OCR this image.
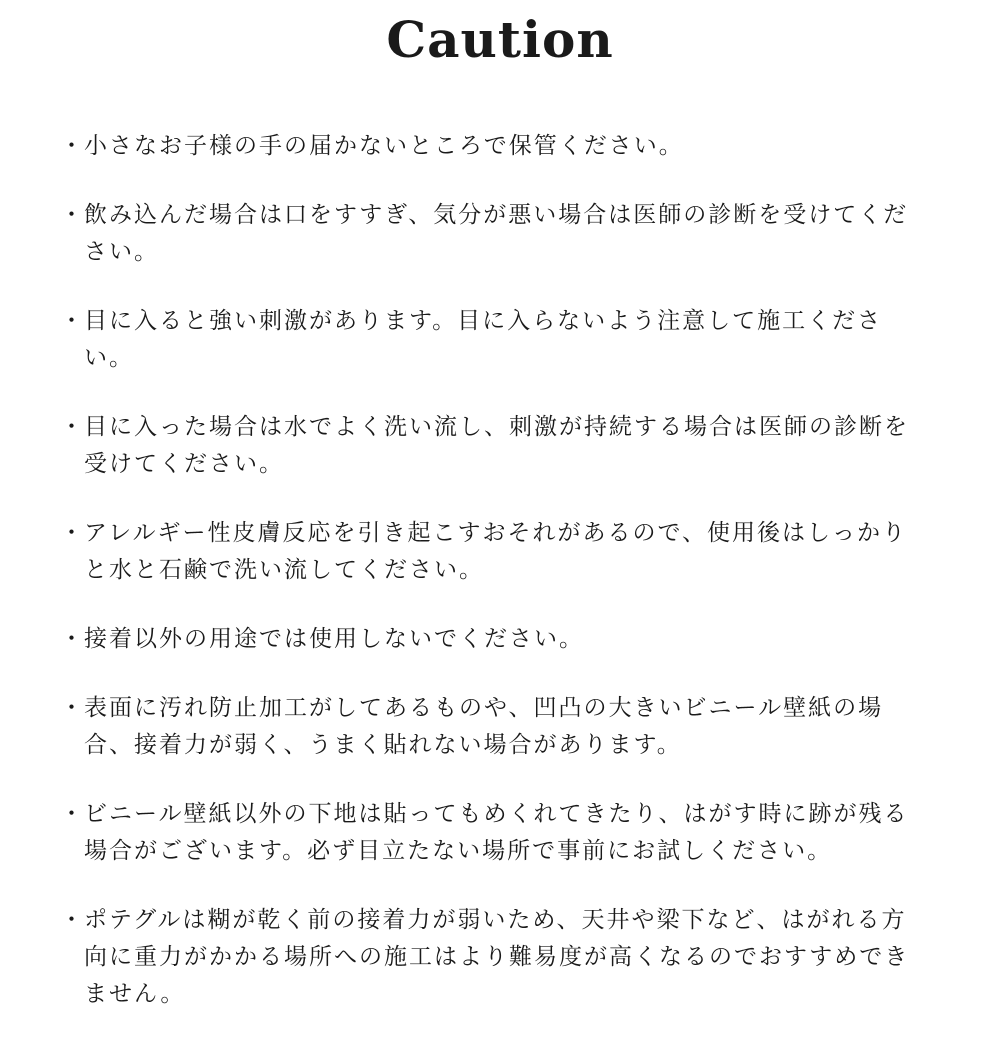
Caution
・ 小さなお子様の手の届かないところで保管ください。
・ 飲み込んだ場合は口をすすぎ、気分が悪い場合は医師の診断を受けてください。
・ 目に入ると強い刺激があります。目に入らないよう注意して施工ください。
・ 目に入った場合は水でよく洗い流し、刺激が持続する場合は医師の診断を受けてください。
・ アレルギー性皮膚反応を引き起こすおそれがあるので、使用後はしっかりと水と石鹸で洗い流してください。
・ 接着以外の用途では使用しないでください。
・ 表面に汚れ防止加工がしてあるものや、凹凸の大きいビニール壁紙の場合、接着力が弱く、うまく貼れない場合があります。
・ ビニール壁紙以外の下地は貼ってもめくれてきたり、はがす時に跡が残る場合がございます。必ず目立たない場所で事前にお試しください。
・ ポテグルは糊が乾く前の接着力が弱いため、天井や梁下など、はがれる方向に重力がかかる場所への施工はより難易度が高くなるのでおすすめできません。
